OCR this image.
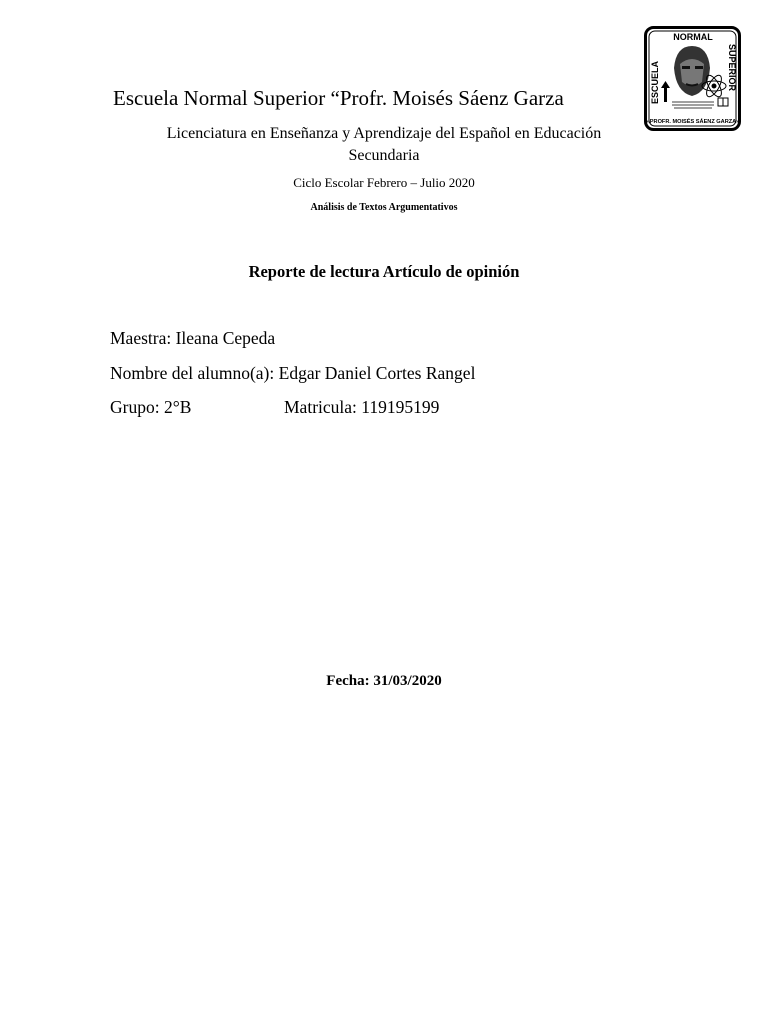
Escuela Normal Superior “Profr. Moisés Sáenz Garza
NORMAL
ESCUELA	SUPERIOR
«PROFR. MOISÉS SÁENZ GARZA»
Licenciatura en Enseñanza y Aprendizaje del Español en Educación Secundaria
Ciclo Escolar Febrero – Julio 2020
Análisis de Textos Argumentativos
Reporte de lectura Artículo de opinión
Maestra: Ileana Cepeda
Nombre del alumno(a): Edgar Daniel Cortes Rangel
Grupo: 2°B	Matricula: 119195199
Fecha: 31/03/2020
